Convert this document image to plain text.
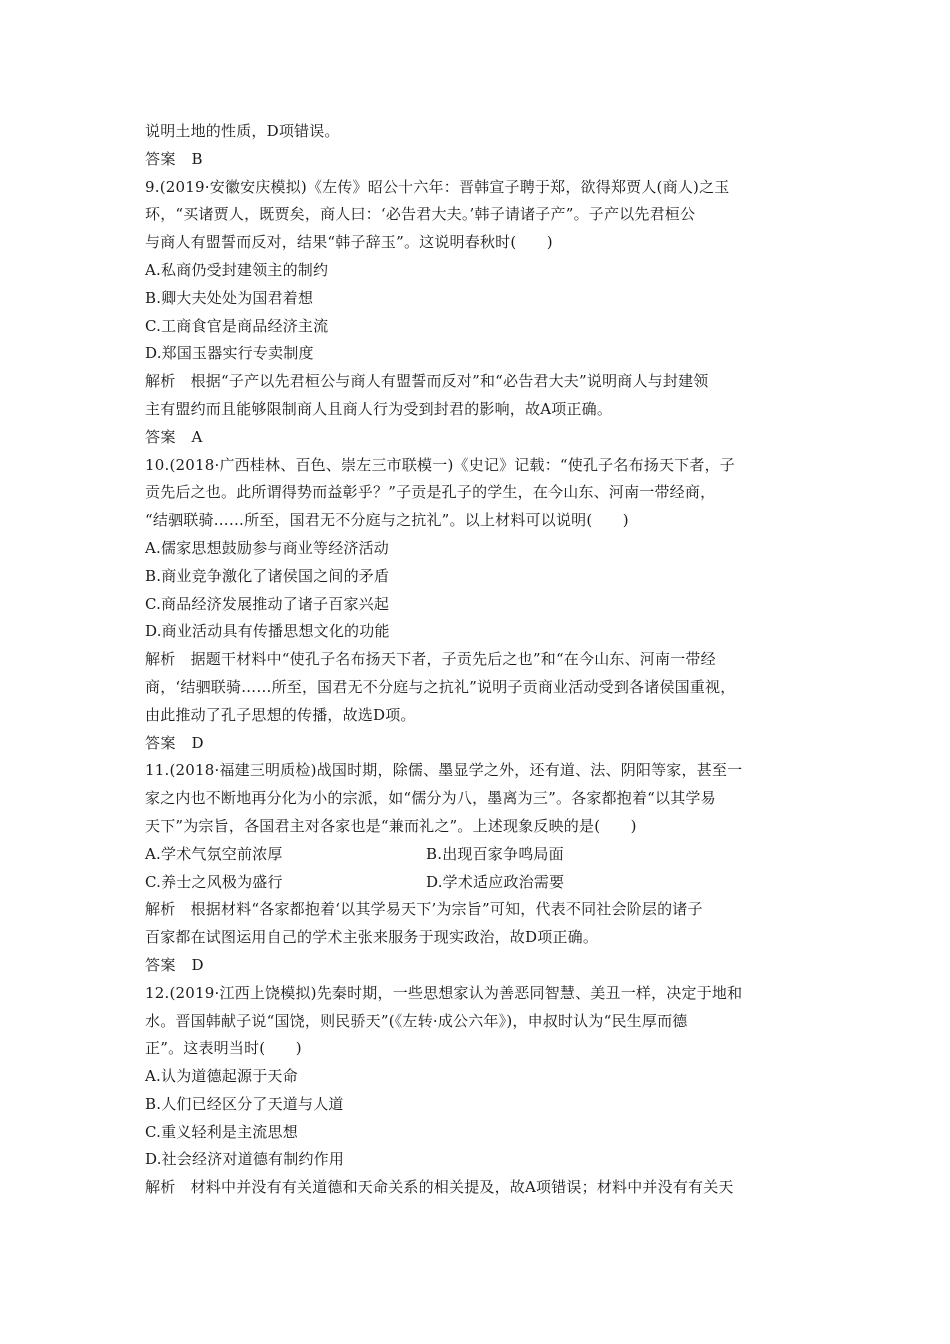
说明土地的性质，D项错误。
答案　B
9.(2019·安徽安庆模拟)《左传》昭公十六年：晋韩宣子聘于郑，欲得郑贾人(商人)之玉
环，“买诸贾人，既贾矣，商人曰：‘必告君大夫。’韩子请诸子产”。子产以先君桓公
与商人有盟誓而反对，结果“韩子辞玉”。这说明春秋时(　　)
A.私商仍受封建领主的制约
B.卿大夫处处为国君着想
C.工商食官是商品经济主流
D.郑国玉器实行专卖制度
解析　根据“子产以先君桓公与商人有盟誓而反对”和“必告君大夫”说明商人与封建领
主有盟约而且能够限制商人且商人行为受到封君的影响，故A项正确。
答案　A
10.(2018·广西桂林、百色、崇左三市联模一)《史记》记载：“使孔子名布扬天下者，子
贡先后之也。此所谓得势而益彰乎？”子贡是孔子的学生，在今山东、河南一带经商，
“结驷联骑……所至，国君无不分庭与之抗礼”。以上材料可以说明(　　)
A.儒家思想鼓励参与商业等经济活动
B.商业竞争激化了诸侯国之间的矛盾
C.商品经济发展推动了诸子百家兴起
D.商业活动具有传播思想文化的功能
解析　据题干材料中“使孔子名布扬天下者，子贡先后之也”和“在今山东、河南一带经
商，‘结驷联骑……所至，国君无不分庭与之抗礼”说明子贡商业活动受到各诸侯国重视，
由此推动了孔子思想的传播，故选D项。
答案　D
11.(2018·福建三明质检)战国时期，除儒、墨显学之外，还有道、法、阴阳等家，甚至一
家之内也不断地再分化为小的宗派，如“儒分为八，墨离为三”。各家都抱着“以其学易
天下”为宗旨，各国君主对各家也是“兼而礼之”。上述现象反映的是(　　)
A.学术气氛空前浓厚	B.出现百家争鸣局面
C.养士之风极为盛行	D.学术适应政治需要
解析　根据材料“各家都抱着‘以其学易天下’为宗旨”可知，代表不同社会阶层的诸子
百家都在试图运用自己的学术主张来服务于现实政治，故D项正确。
答案　D
12.(2019·江西上饶模拟)先秦时期，一些思想家认为善恶同智慧、美丑一样，决定于地和
水。晋国韩献子说“国饶，则民骄天”(《左转·成公六年》)，申叔时认为“民生厚而德
正”。这表明当时(　　)
A.认为道德起源于天命
B.人们已经区分了天道与人道
C.重义轻利是主流思想
D.社会经济对道德有制约作用
解析　材料中并没有有关道德和天命关系的相关提及，故A项错误；材料中并没有有关天
